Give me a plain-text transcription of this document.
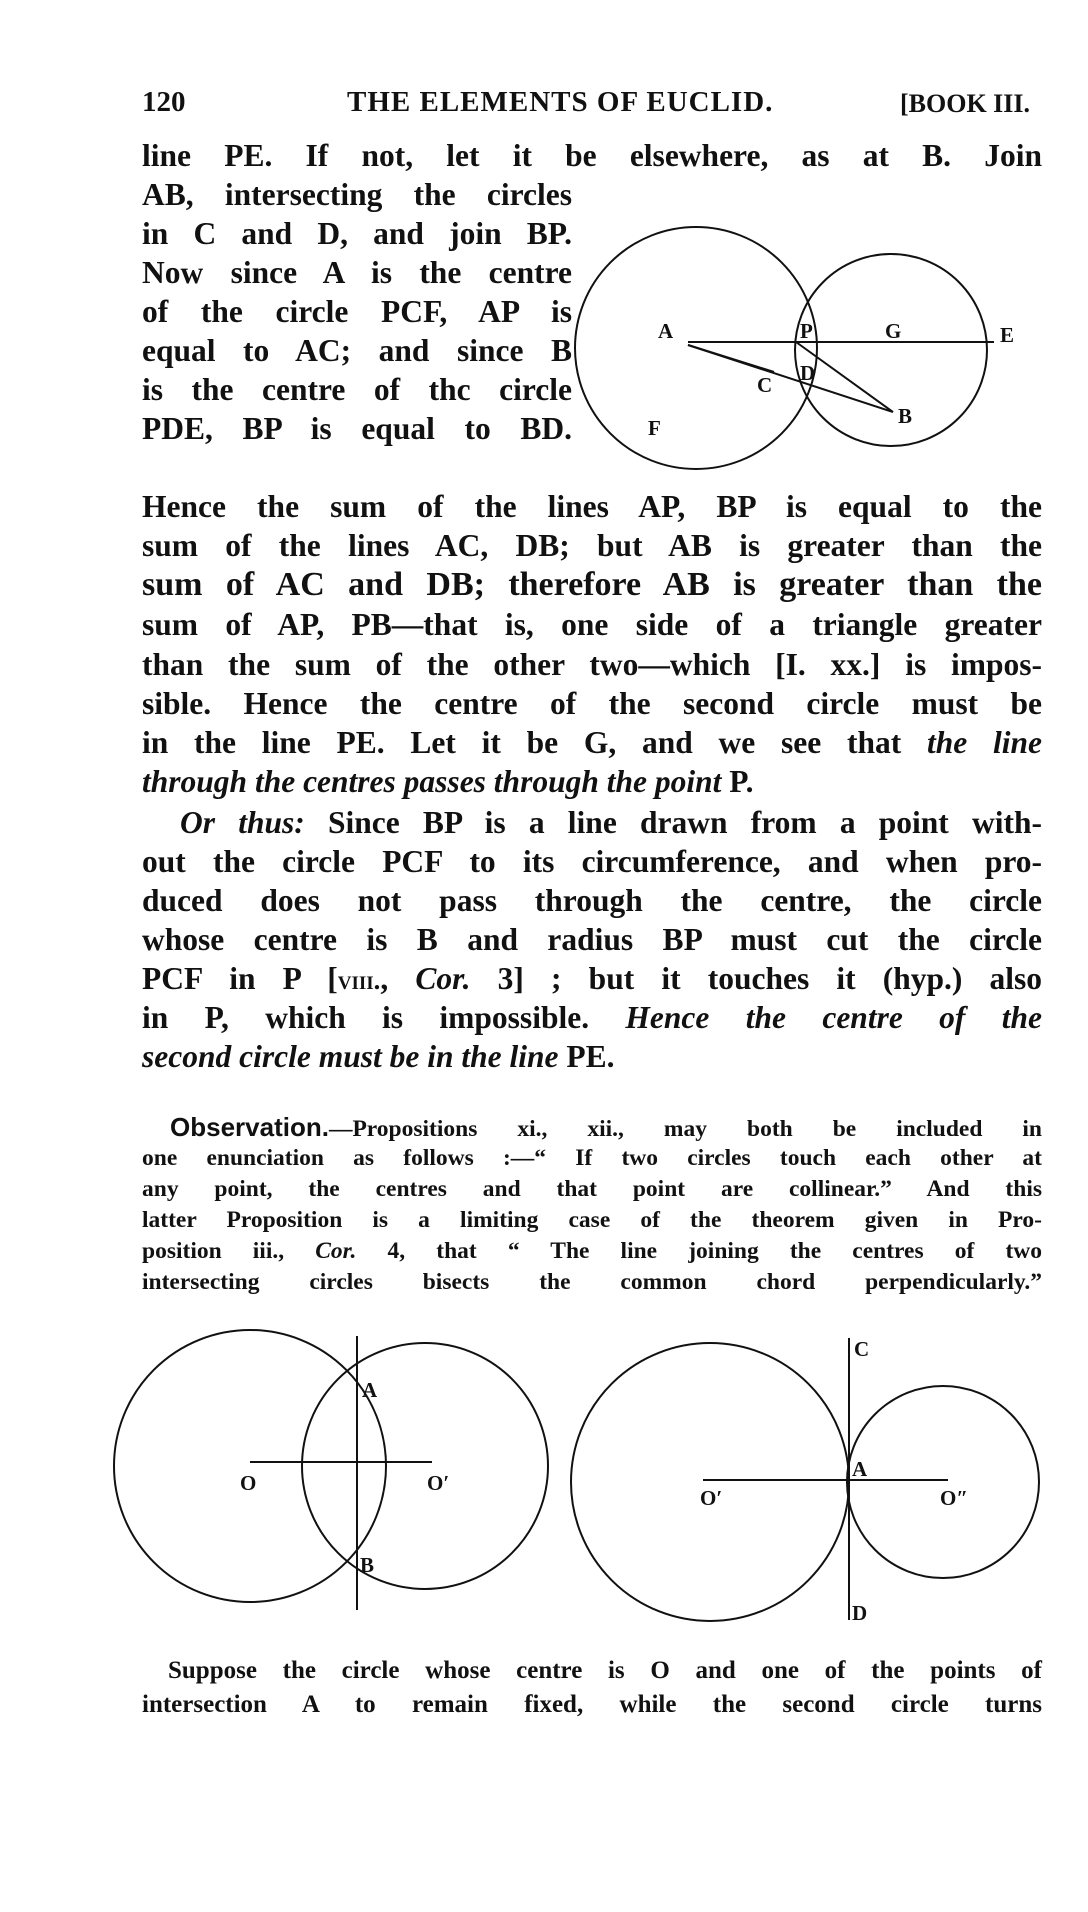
120	THE ELEMENTS OF EUCLID.	[BOOK III.
line PE. If not, let it be elsewhere, as at B. Join
AB, intersecting the circles
in C and D, and join BP.
Now since A is the centre
of the circle PCF, AP is
equal to AC; and since B
is the centre of thc circle
PDE, BP is equal to BD.
Hence the sum of the lines AP, BP is equal to the
sum of the lines AC, DB; but AB is greater than the
sum of AC and DB; therefore AB is greater than the
sum of AP, PB—that is, one side of a triangle greater
than the sum of the other two—which [I. xx.] is impos-
sible. Hence the centre of the second circle must be
in the line PE. Let it be G, and we see that the line
through the centres passes through the point P.
Or thus: Since BP is a line drawn from a point with-
out the circle PCF to its circumference, and when pro-
duced does not pass through the centre, the circle
whose centre is B and radius BP must cut the circle
PCF in P [viii., Cor. 3] ; but it touches it (hyp.) also
in P, which is impossible. Hence the centre of the
second circle must be in the line PE.
Observation.—Propositions xi., xii., may both be included in
one enunciation as follows :—“ If two circles touch each other at
any point, the centres and that point are collinear.” And this
latter Proposition is a limiting case of the theorem given in Pro-
position iii., Cor. 4, that “ The line joining the centres of two
intersecting circles bisects the common chord perpendicularly.”
Suppose the circle whose centre is O and one of the points of
intersection A to remain fixed, while the second circle turns
A	P	G	E
C D
F	B
A
O	O′
B
C
A
O′	O″
D
